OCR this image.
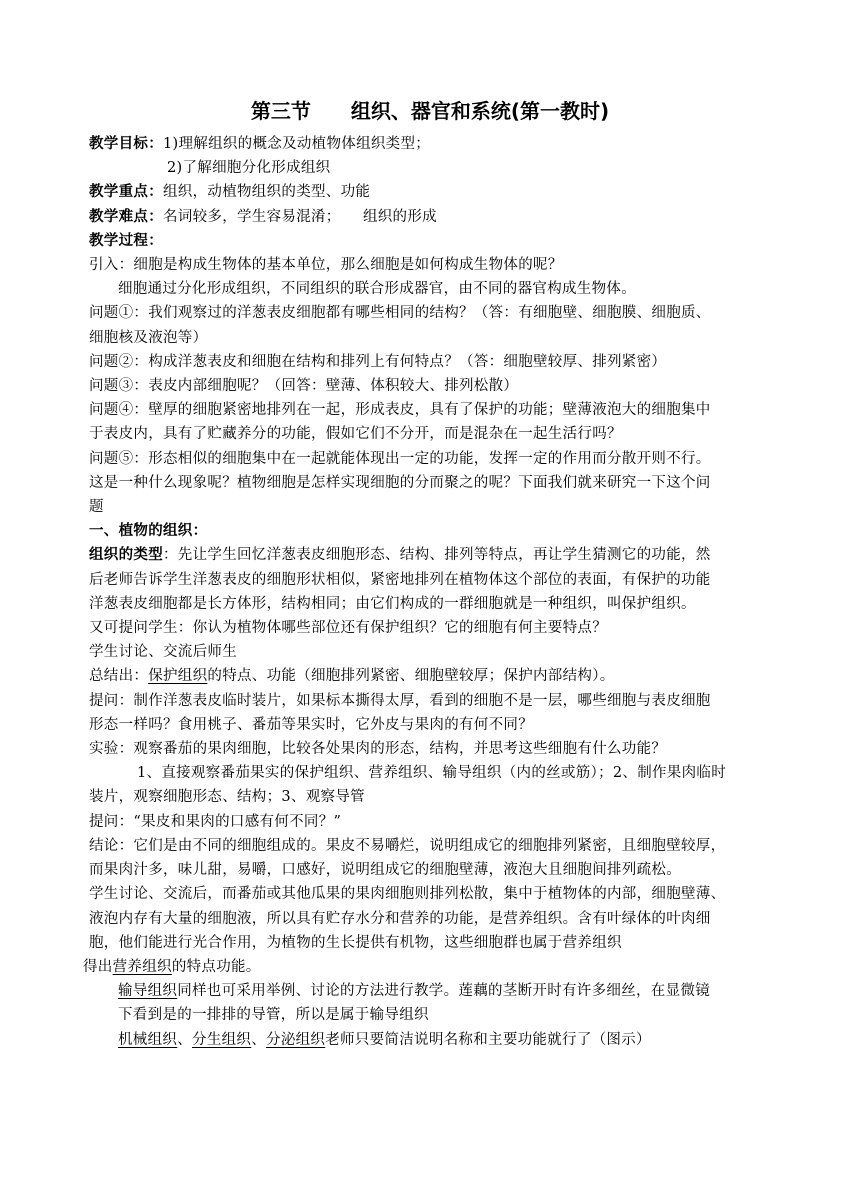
第三节　　组织、器官和系统(第一教时)
教学目标：1)理解组织的概念及动植物体组织类型；
2)了解细胞分化形成组织
教学重点：组织，动植物组织的类型、功能
教学难点：名词较多，学生容易混淆；　　组织的形成
教学过程：
引入：细胞是构成生物体的基本单位，那么细胞是如何构成生物体的呢？
细胞通过分化形成组织，不同组织的联合形成器官，由不同的器官构成生物体。
问题①：我们观察过的洋葱表皮细胞都有哪些相同的结构？（答：有细胞壁、细胞膜、细胞质、
细胞核及液泡等）
问题②：构成洋葱表皮和细胞在结构和排列上有何特点？（答：细胞壁较厚、排列紧密）
问题③：表皮内部细胞呢？（回答：壁薄、体积较大、排列松散）
问题④：壁厚的细胞紧密地排列在一起，形成表皮，具有了保护的功能；壁薄液泡大的细胞集中
于表皮内，具有了贮藏养分的功能，假如它们不分开，而是混杂在一起生活行吗？
问题⑤：形态相似的细胞集中在一起就能体现出一定的功能，发挥一定的作用而分散开则不行。
这是一种什么现象呢？植物细胞是怎样实现细胞的分而聚之的呢？下面我们就来研究一下这个问
题
一、植物的组织：
组织的类型：先让学生回忆洋葱表皮细胞形态、结构、排列等特点，再让学生猜测它的功能，然
后老师告诉学生洋葱表皮的细胞形状相似，紧密地排列在植物体这个部位的表面，有保护的功能
洋葱表皮细胞都是长方体形，结构相同；由它们构成的一群细胞就是一种组织，叫保护组织。
又可提问学生：你认为植物体哪些部位还有保护组织？它的细胞有何主要特点？
学生讨论、交流后师生
总结出：保护组织的特点、功能（细胞排列紧密、细胞壁较厚；保护内部结构）。
提问：制作洋葱表皮临时装片，如果标本撕得太厚，看到的细胞不是一层，哪些细胞与表皮细胞
形态一样吗？食用桃子、番茄等果实时，它外皮与果肉的有何不同？
实验：观察番茄的果肉细胞，比较各处果肉的形态，结构，并思考这些细胞有什么功能？
1、直接观察番茄果实的保护组织、营养组织、输导组织（内的丝或筋）；2、制作果肉临时
装片，观察细胞形态、结构；3、观察导管
提问：“果皮和果肉的口感有何不同？”
结论：它们是由不同的细胞组成的。果皮不易嚼烂，说明组成它的细胞排列紧密，且细胞壁较厚，
而果肉汁多，味儿甜，易嚼，口感好，说明组成它的细胞壁薄，液泡大且细胞间排列疏松。
学生讨论、交流后，而番茄或其他瓜果的果肉细胞则排列松散，集中于植物体的内部，细胞壁薄、
液泡内存有大量的细胞液，所以具有贮存水分和营养的功能，是营养组织。含有叶绿体的叶肉细
胞，他们能进行光合作用，为植物的生长提供有机物，这些细胞群也属于营养组织
得出营养组织的特点功能。
输导组织同样也可采用举例、讨论的方法进行教学。莲藕的茎断开时有许多细丝，在显微镜
下看到是的一排排的导管，所以是属于输导组织
机械组织、分生组织、分泌组织老师只要简洁说明名称和主要功能就行了（图示）
